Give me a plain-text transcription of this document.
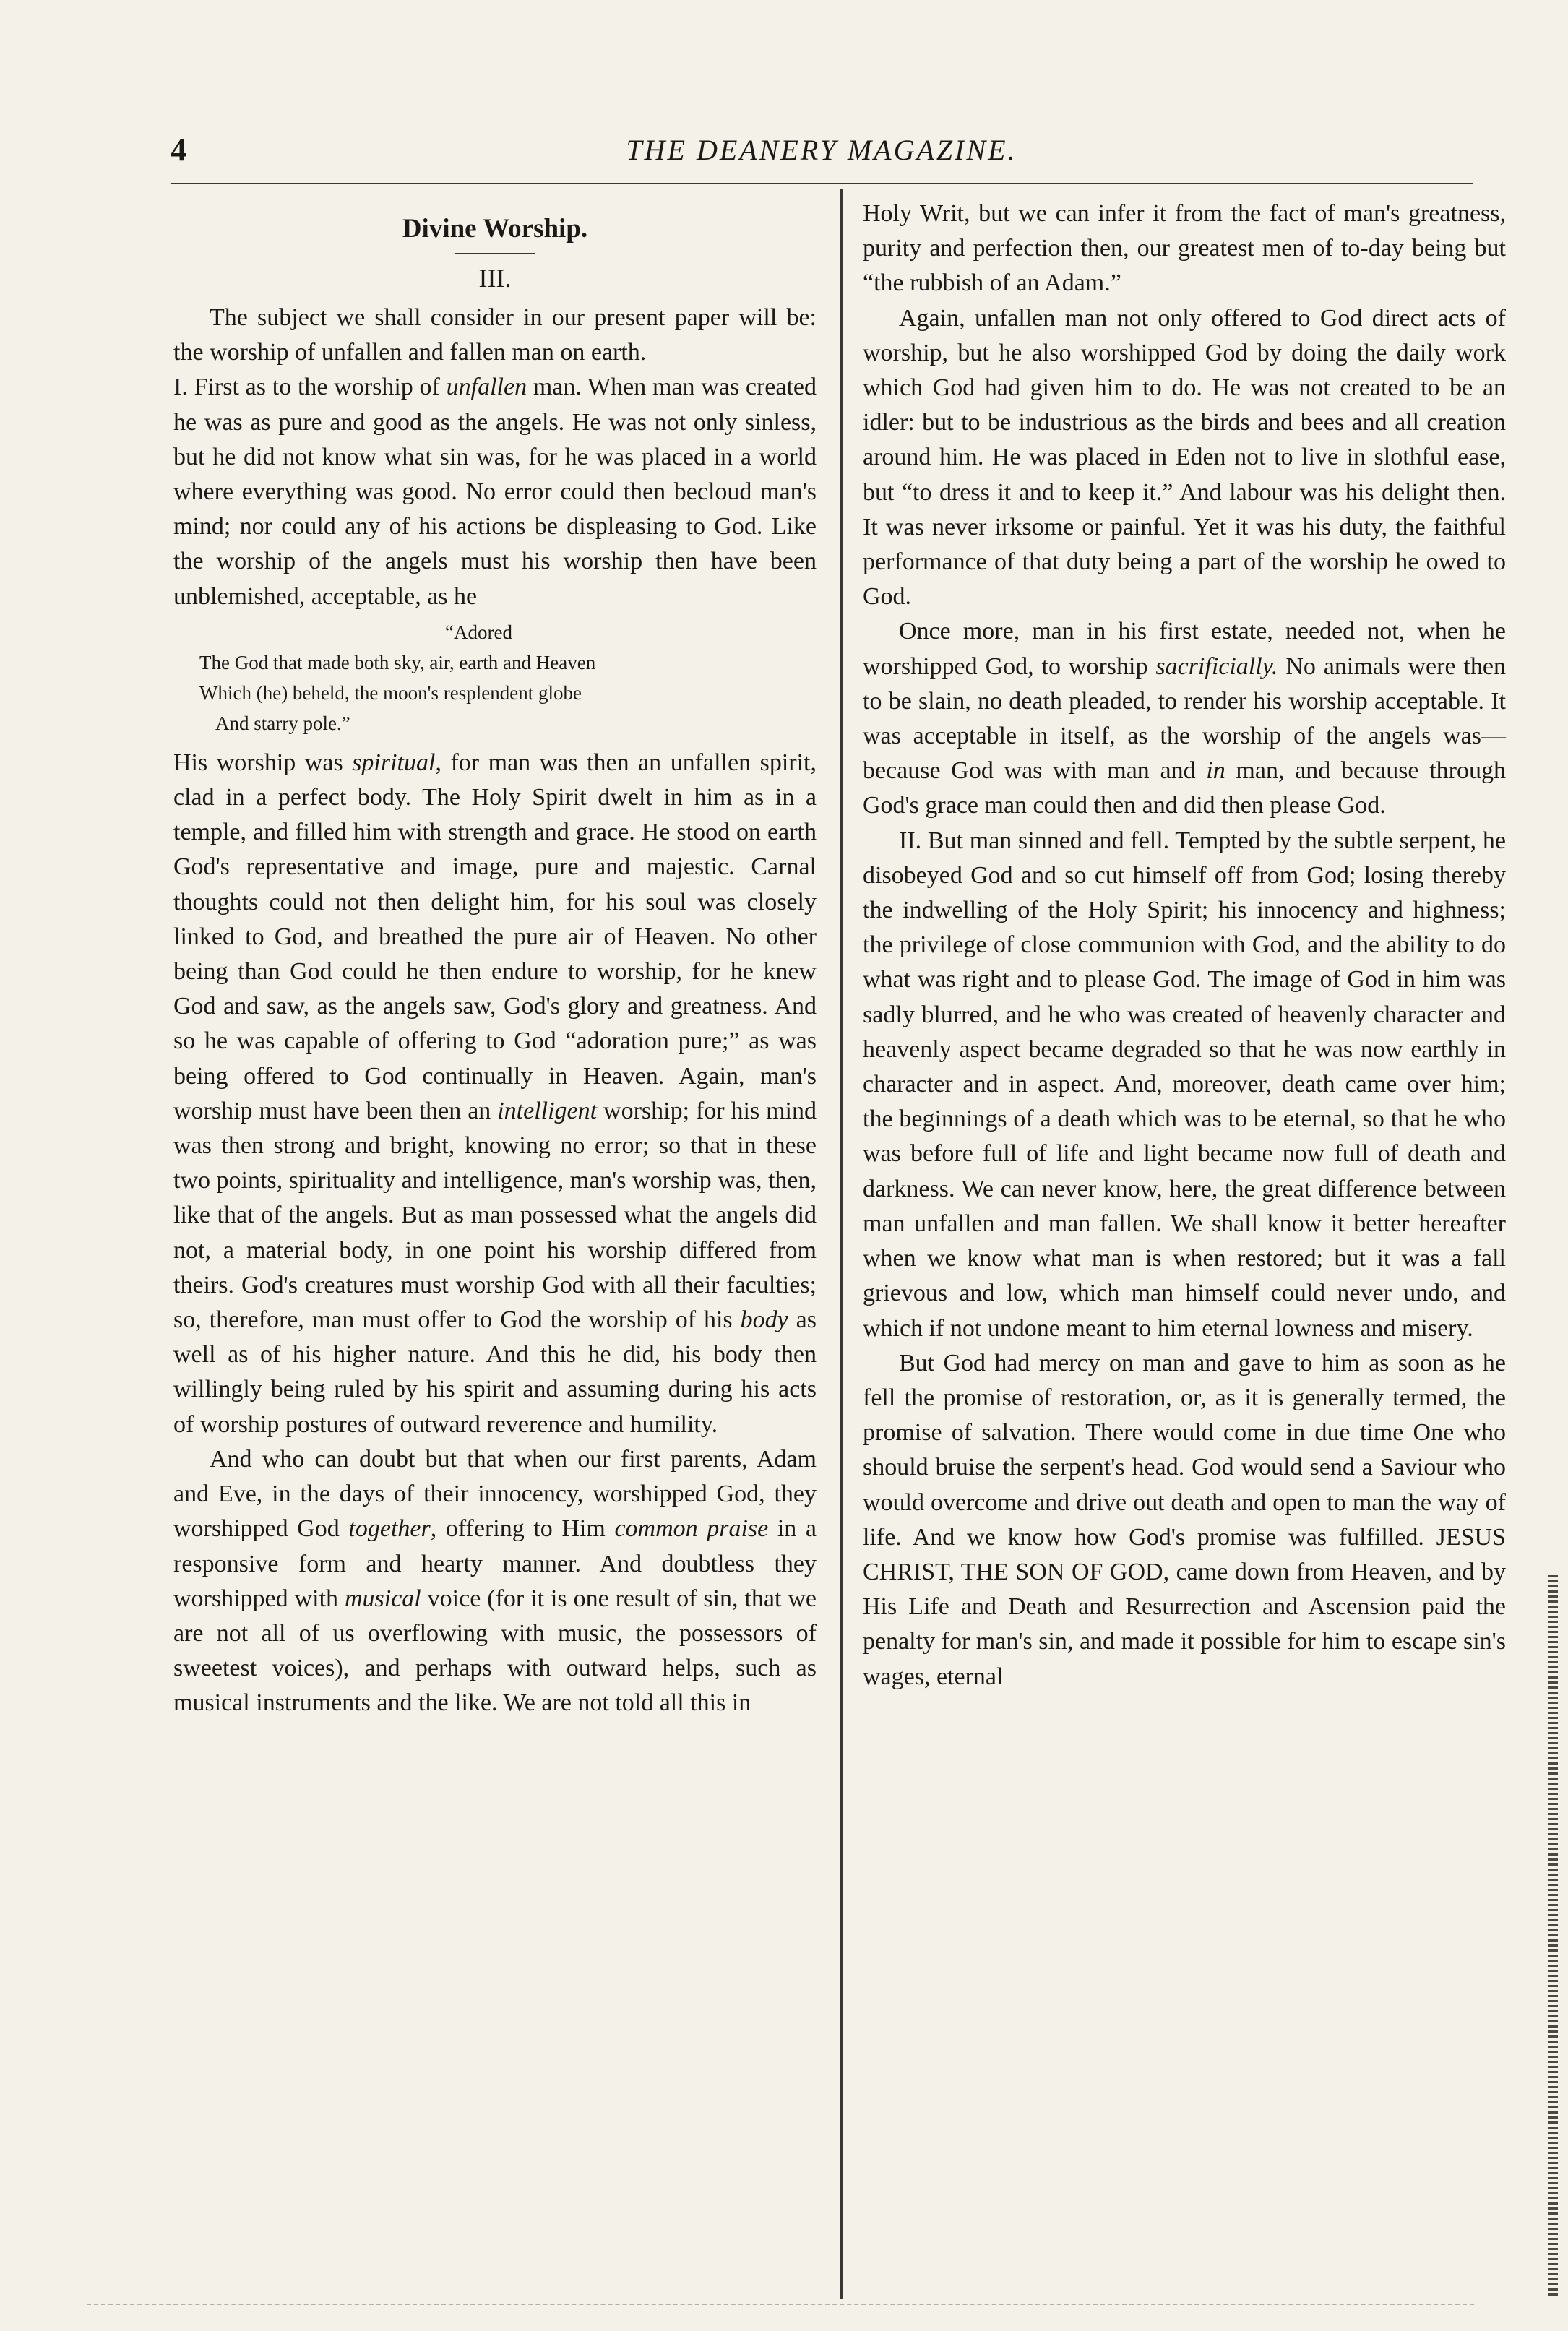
4	THE DEANERY MAGAZINE.
Divine Worship.
III.

The subject we shall consider in our present paper will be: the worship of unfallen and fallen man on earth.

I. First as to the worship of unfallen man. When man was created he was as pure and good as the angels. He was not only sinless, but he did not know what sin was, for he was placed in a world where everything was good. No error could then becloud man's mind; nor could any of his actions be displeasing to God. Like the worship of the angels must his worship then have been unblemished, acceptable, as he

“Adored
The God that made both sky, air, earth and Heaven
Which (he) beheld, the moon's resplendent globe
And starry pole.”

His worship was spiritual, for man was then an unfallen spirit, clad in a perfect body. The Holy Spirit dwelt in him as in a temple, and filled him with strength and grace. He stood on earth God's representative and image, pure and majestic. Carnal thoughts could not then delight him, for his soul was closely linked to God, and breathed the pure air of Heaven. No other being than God could he then endure to worship, for he knew God and saw, as the angels saw, God's glory and greatness. And so he was capable of offering to God “adoration pure;” as was being offered to God continually in Heaven. Again, man's worship must have been then an intelligent worship; for his mind was then strong and bright, knowing no error; so that in these two points, spirituality and intelligence, man's worship was, then, like that of the angels. But as man possessed what the angels did not, a material body, in one point his worship differed from theirs. God's creatures must worship God with all their faculties; so, therefore, man must offer to God the worship of his body as well as of his higher nature. And this he did, his body then willingly being ruled by his spirit and assuming during his acts of worship postures of outward reverence and humility.

And who can doubt but that when our first parents, Adam and Eve, in the days of their innocency, worshipped God, they worshipped God together, offering to Him common praise in a responsive form and hearty manner. And doubtless they worshipped with musical voice (for it is one result of sin, that we are not all of us overflowing with music, the possessors of sweetest voices), and perhaps with outward helps, such as musical instruments and the like. We are not told all this in

Holy Writ, but we can infer it from the fact of man's greatness, purity and perfection then, our greatest men of to-day being but “the rubbish of an Adam.”

Again, unfallen man not only offered to God direct acts of worship, but he also worshipped God by doing the daily work which God had given him to do. He was not created to be an idler: but to be industrious as the birds and bees and all creation around him. He was placed in Eden not to live in slothful ease, but “to dress it and to keep it.” And labour was his delight then. It was never irksome or painful. Yet it was his duty, the faithful performance of that duty being a part of the worship he owed to God.

Once more, man in his first estate, needed not, when he worshipped God, to worship sacrificially. No animals were then to be slain, no death pleaded, to render his worship acceptable. It was acceptable in itself, as the worship of the angels was—because God was with man and in man, and because through God's grace man could then and did then please God.

II. But man sinned and fell. Tempted by the subtle serpent, he disobeyed God and so cut himself off from God; losing thereby the indwelling of the Holy Spirit; his innocency and highness; the privilege of close communion with God, and the ability to do what was right and to please God. The image of God in him was sadly blurred, and he who was created of heavenly character and heavenly aspect became degraded so that he was now earthly in character and in aspect. And, moreover, death came over him; the beginnings of a death which was to be eternal, so that he who was before full of life and light became now full of death and darkness. We can never know, here, the great difference between man unfallen and man fallen. We shall know it better hereafter when we know what man is when restored; but it was a fall grievous and low, which man himself could never undo, and which if not undone meant to him eternal lowness and misery.

But God had mercy on man and gave to him as soon as he fell the promise of restoration, or, as it is generally termed, the promise of salvation. There would come in due time One who should bruise the serpent's head. God would send a Saviour who would overcome and drive out death and open to man the way of life. And we know how God's promise was fulfilled. JESUS CHRIST, THE SON OF GOD, came down from Heaven, and by His Life and Death and Resurrection and Ascension paid the penalty for man's sin, and made it possible for him to escape sin's wages, eternal
